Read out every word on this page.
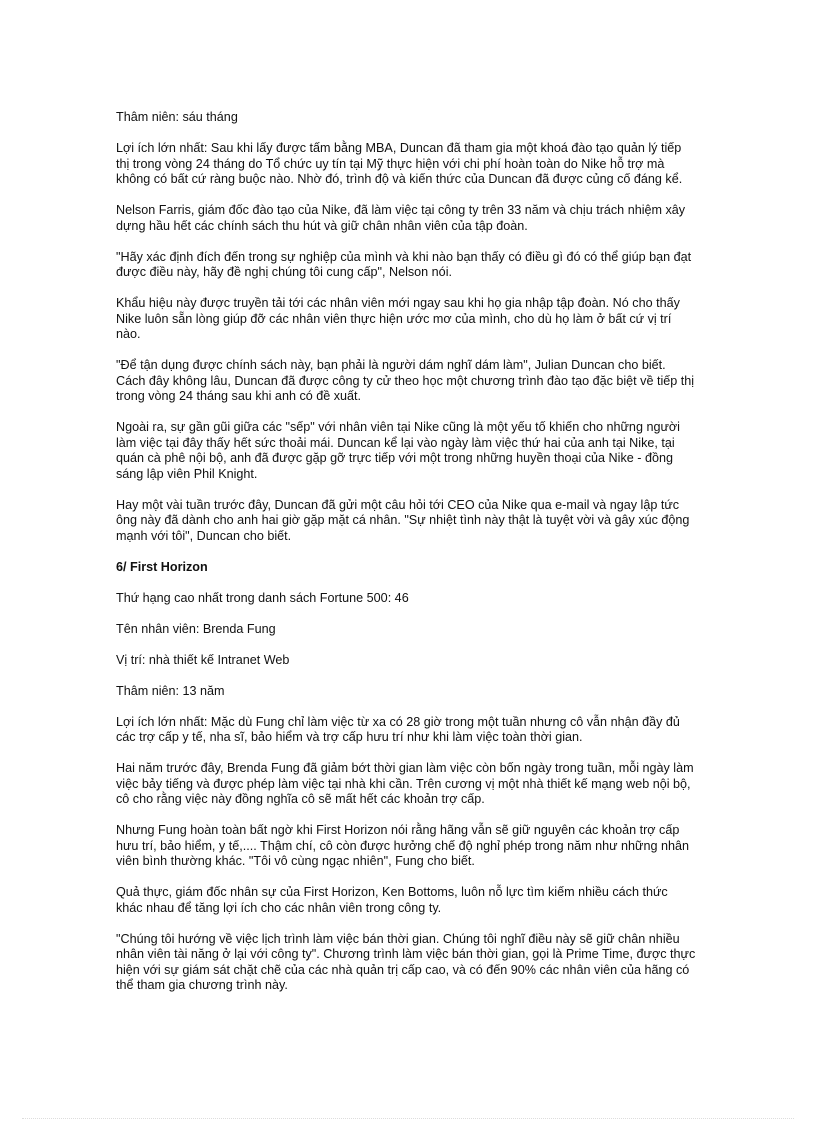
Thâm niên: sáu tháng

Lợi ích lớn nhất: Sau khi lấy được tấm bằng MBA, Duncan đã tham gia một khoá đào tạo quản lý tiếp thị trong vòng 24 tháng do Tổ chức uy tín tại Mỹ thực hiện với chi phí hoàn toàn do Nike hỗ trợ mà không có bất cứ ràng buộc nào. Nhờ đó, trình độ và kiến thức của Duncan đã được củng cố đáng kể.

Nelson Farris, giám đốc đào tạo của Nike, đã làm việc tại công ty trên 33 năm và chịu trách nhiệm xây dựng hầu hết các chính sách thu hút và giữ chân nhân viên của tập đoàn.

"Hãy xác định đích đến trong sự nghiệp của mình và khi nào bạn thấy có điều gì đó có thể giúp bạn đạt được điều này, hãy đề nghị chúng tôi cung cấp", Nelson nói.

Khẩu hiệu này được truyền tải tới các nhân viên mới ngay sau khi họ gia nhập tập đoàn. Nó cho thấy Nike luôn sẵn lòng giúp đỡ các nhân viên thực hiện ước mơ của mình, cho dù họ làm ở bất cứ vị trí nào.

"Để tận dụng được chính sách này, bạn phải là người dám nghĩ dám làm", Julian Duncan cho biết. Cách đây không lâu, Duncan đã được công ty cử theo học một chương trình đào tạo đặc biệt về tiếp thị trong vòng 24 tháng sau khi anh có đề xuất.

Ngoài ra, sự gần gũi giữa các "sếp" với nhân viên tại Nike cũng là một yếu tố khiến cho những người làm việc tại đây thấy hết sức thoải mái. Duncan kể lại vào ngày làm việc thứ hai của anh tại Nike, tại quán cà phê nội bộ, anh đã được gặp gỡ trực tiếp với một trong những huyền thoại của Nike - đồng sáng lập viên Phil Knight.

Hay một vài tuần trước đây, Duncan đã gửi một câu hỏi tới CEO của Nike qua e-mail và ngay lập tức ông này đã dành cho anh hai giờ gặp mặt cá nhân. "Sự nhiệt tình này thật là tuyệt vời và gây xúc động mạnh với tôi", Duncan cho biết.

6/ First Horizon

Thứ hạng cao nhất trong danh sách Fortune 500: 46

Tên nhân viên: Brenda Fung

Vị trí: nhà thiết kế Intranet Web

Thâm niên: 13 năm

Lợi ích lớn nhất: Mặc dù Fung chỉ làm việc từ xa có 28 giờ trong một tuần nhưng cô vẫn nhận đầy đủ các trợ cấp y tế, nha sĩ, bảo hiểm và trợ cấp hưu trí như khi làm việc toàn thời gian.

Hai năm trước đây, Brenda Fung đã giảm bớt thời gian làm việc còn bốn ngày trong tuần, mỗi ngày làm việc bảy tiếng và được phép làm việc tại nhà khi cần. Trên cương vị một nhà thiết kế mạng web nội bộ, cô cho rằng việc này đồng nghĩa cô sẽ mất hết các khoản trợ cấp.

Nhưng Fung hoàn toàn bất ngờ khi First Horizon nói rằng hãng vẫn sẽ giữ nguyên các khoản trợ cấp hưu trí, bảo hiểm, y tế,.... Thậm chí, cô còn được hưởng chế độ nghỉ phép trong năm như những nhân viên bình thường khác. "Tôi vô cùng ngạc nhiên", Fung cho biết.

Quả thực, giám đốc nhân sự của First Horizon, Ken Bottoms, luôn nỗ lực tìm kiếm nhiều cách thức khác nhau để tăng lợi ích cho các nhân viên trong công ty.

"Chúng tôi hướng về việc lịch trình làm việc bán thời gian. Chúng tôi nghĩ điều này sẽ giữ chân nhiều nhân viên tài năng ở lại với công ty". Chương trình làm việc bán thời gian, gọi là Prime Time, được thực hiện với sự giám sát chặt chẽ của các nhà quản trị cấp cao, và có đến 90% các nhân viên của hãng có thể tham gia chương trình này.
